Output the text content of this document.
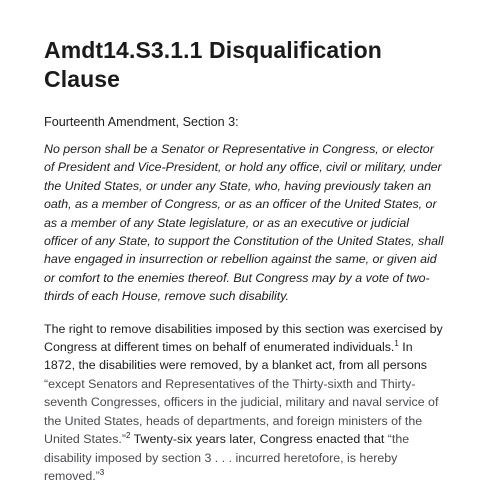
Amdt14.S3.1.1 Disqualification Clause

Fourteenth Amendment, Section 3:

No person shall be a Senator or Representative in Congress, or elector of President and Vice-President, or hold any office, civil or military, under the United States, or under any State, who, having previously taken an oath, as a member of Congress, or as an officer of the United States, or as a member of any State legislature, or as an executive or judicial officer of any State, to support the Constitution of the United States, shall have engaged in insurrection or rebellion against the same, or given aid or comfort to the enemies thereof. But Congress may by a vote of two-thirds of each House, remove such disability.

The right to remove disabilities imposed by this section was exercised by Congress at different times on behalf of enumerated individuals.$^1$ In 1872, the disabilities were removed, by a blanket act, from all persons “except Senators and Representatives of the Thirty-sixth and Thirty-seventh Congresses, officers in the judicial, military and naval service of the United States, heads of departments, and foreign ministers of the United States.”$^2$ Twenty-six years later, Congress enacted that “the disability imposed by section 3 . . . incurred heretofore, is hereby removed.”$^3$
